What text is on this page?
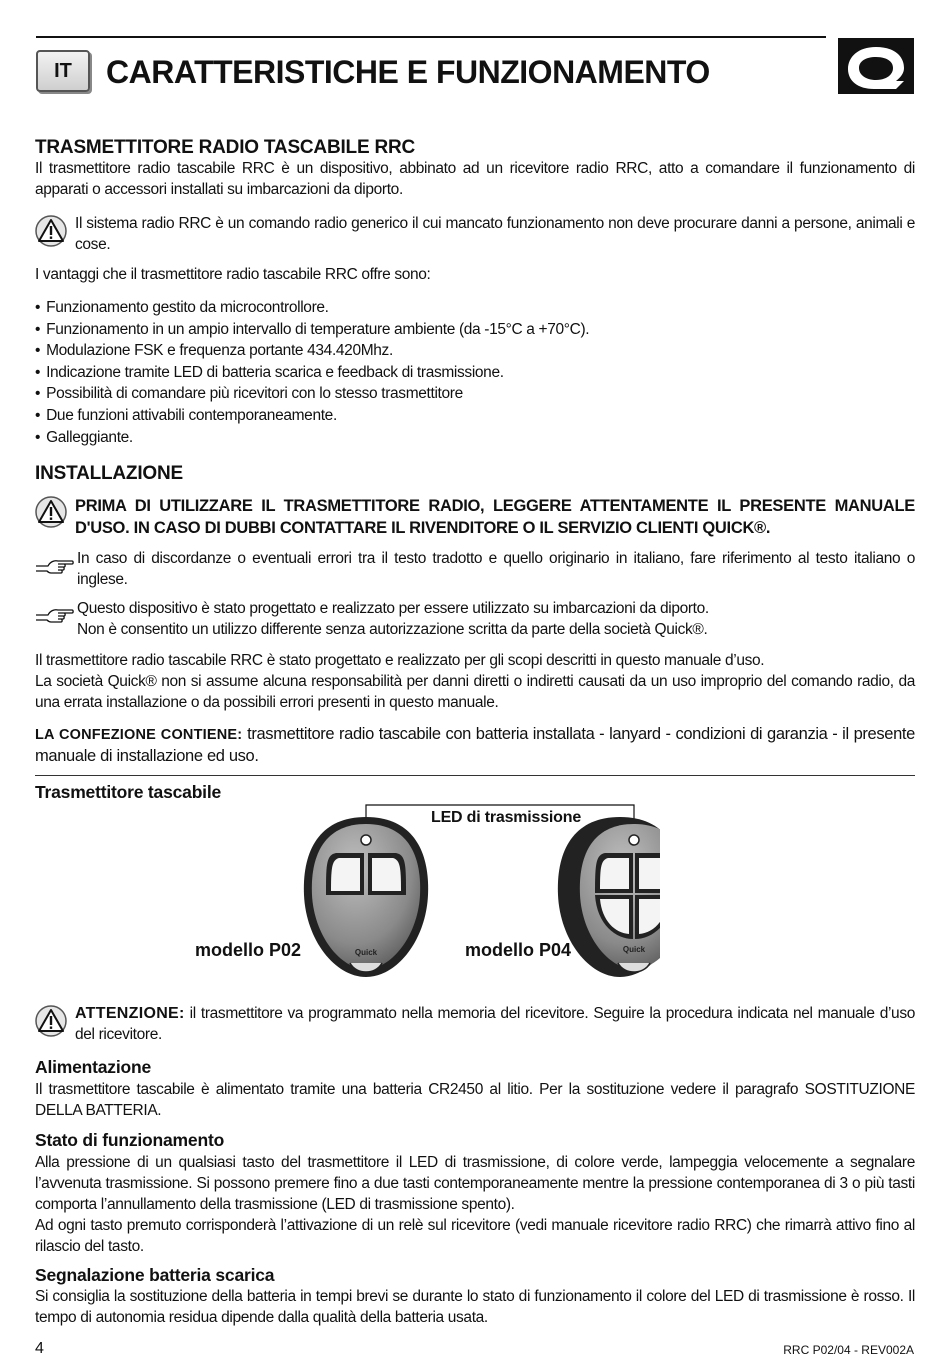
IT	CARATTERISTICHE E FUNZIONAMENTO
TRASMETTITORE RADIO TASCABILE RRC
Il trasmettitore radio tascabile RRC è un dispositivo, abbinato ad un ricevitore radio RRC, atto a comandare il funzionamento di apparati o accessori installati su imbarcazioni da diporto.
Il sistema radio RRC è un comando radio generico il cui mancato funzionamento non deve procurare danni a persone, animali e cose.
I vantaggi che il trasmettitore radio tascabile RRC offre sono:
• Funzionamento gestito da microcontrollore.
• Funzionamento in un ampio intervallo di temperature ambiente (da -15°C a +70°C).
• Modulazione FSK e frequenza portante 434.420Mhz.
• Indicazione tramite LED di batteria scarica e feedback di trasmissione.
• Possibilità di comandare più ricevitori con lo stesso trasmettitore
• Due funzioni attivabili contemporaneamente.
• Galleggiante.
INSTALLAZIONE
PRIMA DI UTILIZZARE IL TRASMETTITORE RADIO, LEGGERE ATTENTAMENTE IL PRESENTE MANUALE D'USO. IN CASO DI DUBBI CONTATTARE IL RIVENDITORE O IL SERVIZIO CLIENTI QUICK®.
In caso di discordanze o eventuali errori tra il testo tradotto e quello originario in italiano, fare riferimento al testo italiano o inglese.
Questo dispositivo è stato progettato e realizzato per essere utilizzato su imbarcazioni da diporto.
Non è consentito un utilizzo differente senza autorizzazione scritta da parte della società Quick®.
Il trasmettitore radio tascabile RRC è stato progettato e realizzato per gli scopi descritti in questo manuale d’uso.
La società Quick® non si assume alcuna responsabilità per danni diretti o indiretti causati da un uso improprio del comando radio, da una errata installazione o da possibili errori presenti in questo manuale.
LA CONFEZIONE CONTIENE: trasmettitore radio tascabile con batteria installata - lanyard - condizioni di garanzia - il presente manuale di installazione ed uso.
Trasmettitore tascabile
LED di trasmissione
modello P02	modello P04
Quick	Quick
ATTENZIONE: il trasmettitore va programmato nella memoria del ricevitore. Seguire la procedura indicata nel manuale d’uso del ricevitore.
Alimentazione
Il trasmettitore tascabile è alimentato tramite una batteria CR2450 al litio. Per la sostituzione vedere il paragrafo SOSTITUZIONE DELLA BATTERIA.
Stato di funzionamento
Alla pressione di un qualsiasi tasto del trasmettitore il LED di trasmissione, di colore verde, lampeggia velocemente a segnalare l’avvenuta trasmissione. Si possono premere fino a due tasti contemporaneamente mentre la pressione contemporanea di 3 o più tasti comporta l’annullamento della trasmissione (LED di trasmissione spento).
Ad ogni tasto premuto corrisponderà l’attivazione di un relè sul ricevitore (vedi manuale ricevitore radio RRC) che rimarrà attivo fino al rilascio del tasto.
Segnalazione batteria scarica
Si consiglia la sostituzione della batteria in tempi brevi se durante lo stato di funzionamento il colore del LED di trasmissione è rosso. Il tempo di autonomia residua dipende dalla qualità della batteria usata.
4	RRC P02/04 - REV002A
